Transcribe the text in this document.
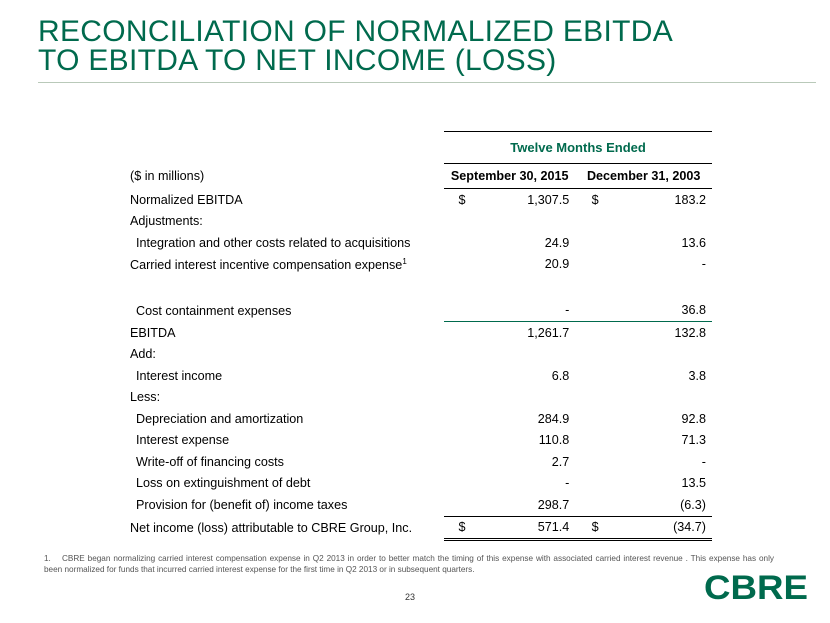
RECONCILIATION OF NORMALIZED EBITDA
TO EBITDA TO NET INCOME (LOSS)
	Twelve Months Ended			
($ in millions)	September 30, 2015		December 31, 2003	
Normalized EBITDA	$	1,307.5	$	183.2
Adjustments:				
Integration and other costs related to acquisitions		24.9		13.6
Carried interest incentive compensation expense$^1$		20.9		-
Cost containment expenses		-		36.8
EBITDA		1,261.7		132.8
Add:				
Interest income		6.8		3.8
Less:				
Depreciation and amortization		284.9		92.8
Interest expense		110.8		71.3
Write-off of financing costs		2.7		-
Loss on extinguishment of debt		-		13.5
Provision for (benefit of) income taxes		298.7		(6.3)
Net income (loss) attributable to CBRE Group, Inc.	$	571.4	$	(34.7)
1. CBRE began normalizing carried interest compensation expense in Q2 2013 in order to better match the timing of this expense with associated carried interest revenue . This expense has only been normalized for funds that incurred carried interest expense for the first time in Q2 2013 or in subsequent quarters.
23	CBRE
